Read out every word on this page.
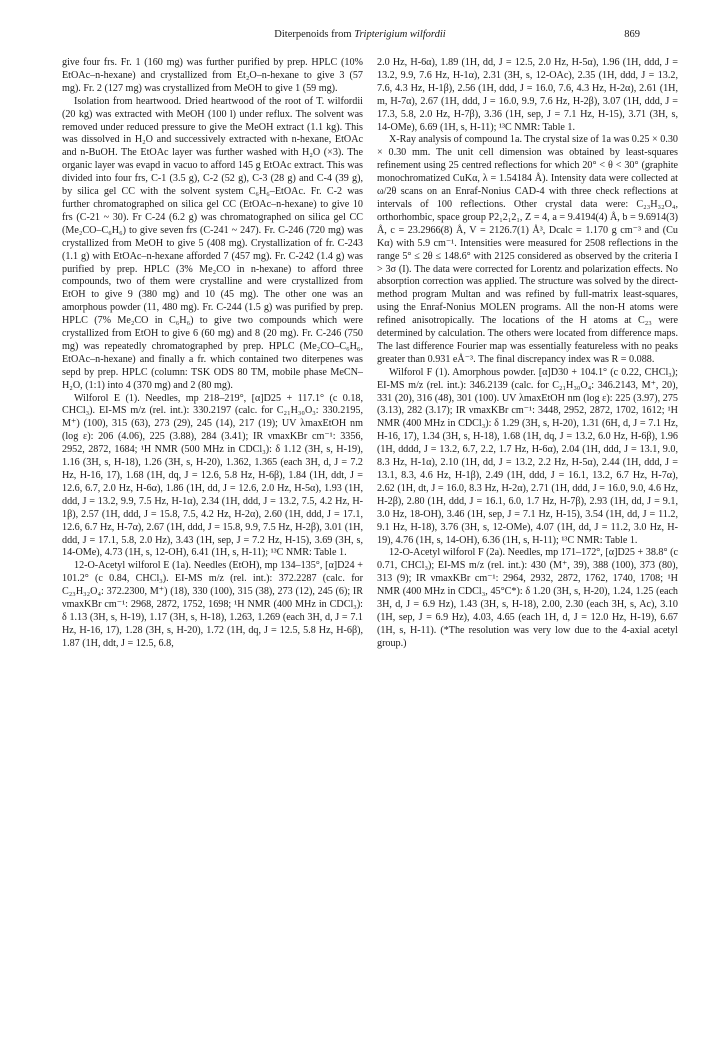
Diterpenoids from Tripterigium wilfordii	869

give four frs. Fr. 1 (160 mg) was further purified by prep. HPLC (10% EtOAc–n-hexane) and crystallized from Et₂O–n-hexane to give 3 (57 mg). Fr. 2 (127 mg) was crystallized from MeOH to give 1 (59 mg).

Isolation from heartwood. Dried heartwood of the root of T. wilfordii (20 kg) was extracted with MeOH (100 l) under reflux. The solvent was removed under reduced pressure to give the MeOH extract (1.1 kg). This was dissolved in H₂O and successively extracted with n-hexane, EtOAc and n-BuOH. The EtOAc layer was further washed with H₂O (×3). The organic layer was evapd in vacuo to afford 145 g EtOAc extract. This was divided into four frs, C-1 (3.5 g), C-2 (52 g), C-3 (28 g) and C-4 (39 g), by silica gel CC with the solvent system C₆H₆–EtOAc. Fr. C-2 was further chromatographed on silica gel CC (EtOAc–n-hexane) to give 10 frs (C-21 ~ 30). Fr C-24 (6.2 g) was chromatographed on silica gel CC (Me₂CO–C₆H₆) to give seven frs (C-241 ~ 247). Fr. C-246 (720 mg) was crystallized from MeOH to give 5 (408 mg). Crystallization of fr. C-243 (1.1 g) with EtOAc–n-hexane afforded 7 (457 mg). Fr. C-242 (1.4 g) was purified by prep. HPLC (3% Me₂CO in n-hexane) to afford three compounds, two of them were crystalline and were crystallized from EtOH to give 9 (380 mg) and 10 (45 mg). The other one was an amorphous powder (11, 480 mg). Fr. C-244 (1.5 g) was purified by prep. HPLC (7% Me₂CO in C₆H₆) to give two compounds which were crystallized from EtOH to give 6 (60 mg) and 8 (20 mg). Fr. C-246 (750 mg) was repeatedly chromatographed by prep. HPLC (Me₂CO–C₆H₆, EtOAc–n-hexane) and finally a fr. which contained two diterpenes was sepd by prep. HPLC (column: TSK ODS 80 TM, mobile phase MeCN–H₂O, (1:1) into 4 (370 mg) and 2 (80 mg).

Wilforol E (1). Needles, mp 218–219°, [α]D25 + 117.1° (c 0.18, CHCl₃). EI-MS m/z (rel. int.): 330.2197 (calc. for C₂₁H₃₀O₃: 330.2195, M⁺) (100), 315 (63), 273 (29), 245 (14), 217 (19); UV λmaxEtOH nm (log ε): 206 (4.06), 225 (3.88), 284 (3.41); IR νmaxKBr cm⁻¹: 3356, 2952, 2872, 1684; ¹H NMR (500 MHz in CDCl₃): δ 1.12 (3H, s, H-19), 1.16 (3H, s, H-18), 1.26 (3H, s, H-20), 1.362, 1.365 (each 3H, d, J = 7.2 Hz, H-16, 17), 1.68 (1H, dq, J = 12.6, 5.8 Hz, H-6β), 1.84 (1H, ddt, J = 12.6, 6.7, 2.0 Hz, H-6α), 1.86 (1H, dd, J = 12.6, 2.0 Hz, H-5α), 1.93 (1H, ddd, J = 13.2, 9.9, 7.5 Hz, H-1α), 2.34 (1H, ddd, J = 13.2, 7.5, 4.2 Hz, H-1β), 2.57 (1H, ddd, J = 15.8, 7.5, 4.2 Hz, H-2α), 2.60 (1H, ddd, J = 17.1, 12.6, 6.7 Hz, H-7α), 2.67 (1H, ddd, J = 15.8, 9.9, 7.5 Hz, H-2β), 3.01 (1H, ddd, J = 17.1, 5.8, 2.0 Hz), 3.43 (1H, sep, J = 7.2 Hz, H-15), 3.69 (3H, s, 14-OMe), 4.73 (1H, s, 12-OH), 6.41 (1H, s, H-11); ¹³C NMR: Table 1.

12-O-Acetyl wilforol E (1a). Needles (EtOH), mp 134–135°, [α]D24 + 101.2° (c 0.84, CHCl₃). EI-MS m/z (rel. int.): 372.2287 (calc. for C₂₃H₃₂O₄: 372.2300, M⁺) (18), 330 (100), 315 (38), 273 (12), 245 (6); IR νmaxKBr cm⁻¹: 2968, 2872, 1752, 1698; ¹H NMR (400 MHz in CDCl₃): δ 1.13 (3H, s, H-19), 1.17 (3H, s, H-18), 1.263, 1.269 (each 3H, d, J = 7.1 Hz, H-16, 17), 1.28 (3H, s, H-20), 1.72 (1H, dq, J = 12.5, 5.8 Hz, H-6β), 1.87 (1H, ddt, J = 12.5, 6.8,

2.0 Hz, H-6α), 1.89 (1H, dd, J = 12.5, 2.0 Hz, H-5α), 1.96 (1H, ddd, J = 13.2, 9.9, 7.6 Hz, H-1α), 2.31 (3H, s, 12-OAc), 2.35 (1H, ddd, J = 13.2, 7.6, 4.3 Hz, H-1β), 2.56 (1H, ddd, J = 16.0, 7.6, 4.3 Hz, H-2α), 2.61 (1H, m, H-7α), 2.67 (1H, ddd, J = 16.0, 9.9, 7.6 Hz, H-2β), 3.07 (1H, ddd, J = 17.3, 5.8, 2.0 Hz, H-7β), 3.36 (1H, sep, J = 7.1 Hz, H-15), 3.71 (3H, s, 14-OMe), 6.69 (1H, s, H-11); ¹³C NMR: Table 1.

X-Ray analysis of compound 1a. The crystal size of 1a was 0.25 × 0.30 × 0.30 mm. The unit cell dimension was obtained by least-squares refinement using 25 centred reflections for which 20° < θ < 30° (graphite monochromatized CuKα, λ = 1.54184 Å). Intensity data were collected at ω/2θ scans on an Enraf-Nonius CAD-4 with three check reflections at intervals of 100 reflections. Other crystal data were: C₂₃H₃₂O₄, orthorhombic, space group P2₁2₁2₁, Z = 4, a = 9.4194(4) Å, b = 9.6914(3) Å, c = 23.2966(8) Å, V = 2126.7(1) Å³, Dcalc = 1.170 g cm⁻³ and (Cu Kα) with 5.9 cm⁻¹. Intensities were measured for 2508 reflections in the range 5° ≤ 2θ ≤ 148.6° with 2125 considered as observed by the criteria I > 3σ (I). The data were corrected for Lorentz and polarization effects. No absorption correction was applied. The structure was solved by the direct-method program Multan and was refined by full-matrix least-squares, using the Enraf-Nonius MOLEN programs. All the non-H atoms were refined anisotropically. The locations of the H atoms at C₂₃ were determined by calculation. The others were located from difference maps. The last difference Fourier map was essentially featureless with no peaks greater than 0.931 eÅ⁻³. The final discrepancy index was R = 0.088.

Wilforol F (1). Amorphous powder. [α]D30 + 104.1° (c 0.22, CHCl₃); EI-MS m/z (rel. int.): 346.2139 (calc. for C₂₁H₃₀O₄: 346.2143, M⁺, 20), 331 (20), 316 (48), 301 (100). UV λmaxEtOH nm (log ε): 225 (3.97), 275 (3.13), 282 (3.17); IR νmaxKBr cm⁻¹: 3448, 2952, 2872, 1702, 1612; ¹H NMR (400 MHz in CDCl₃): δ 1.29 (3H, s, H-20), 1.31 (6H, d, J = 7.1 Hz, H-16, 17), 1.34 (3H, s, H-18), 1.68 (1H, dq, J = 13.2, 6.0 Hz, H-6β), 1.96 (1H, dddd, J = 13.2, 6.7, 2.2, 1.7 Hz, H-6α), 2.04 (1H, ddd, J = 13.1, 9.0, 8.3 Hz, H-1α), 2.10 (1H, dd, J = 13.2, 2.2 Hz, H-5α), 2.44 (1H, ddd, J = 13.1, 8.3, 4.6 Hz, H-1β), 2.49 (1H, ddd, J = 16.1, 13.2, 6.7 Hz, H-7α), 2.62 (1H, dt, J = 16.0, 8.3 Hz, H-2α), 2.71 (1H, ddd, J = 16.0, 9.0, 4.6 Hz, H-2β), 2.80 (1H, ddd, J = 16.1, 6.0, 1.7 Hz, H-7β), 2.93 (1H, dd, J = 9.1, 3.0 Hz, 18-OH), 3.46 (1H, sep, J = 7.1 Hz, H-15), 3.54 (1H, dd, J = 11.2, 9.1 Hz, H-18), 3.76 (3H, s, 12-OMe), 4.07 (1H, dd, J = 11.2, 3.0 Hz, H-19), 4.76 (1H, s, 14-OH), 6.36 (1H, s, H-11); ¹³C NMR: Table 1.

12-O-Acetyl wilforol F (2a). Needles, mp 171–172°, [α]D25 + 38.8° (c 0.71, CHCl₃); EI-MS m/z (rel. int.): 430 (M⁺, 39), 388 (100), 373 (80), 313 (9); IR νmaxKBr cm⁻¹: 2964, 2932, 2872, 1762, 1740, 1708; ¹H NMR (400 MHz in CDCl₃, 45°C*): δ 1.20 (3H, s, H-20), 1.24, 1.25 (each 3H, d, J = 6.9 Hz), 1.43 (3H, s, H-18), 2.00, 2.30 (each 3H, s, Ac), 3.10 (1H, sep, J = 6.9 Hz), 4.03, 4.65 (each 1H, d, J = 12.0 Hz, H-19), 6.67 (1H, s, H-11). (*The resolution was very low due to the 4-axial acetyl group.)
